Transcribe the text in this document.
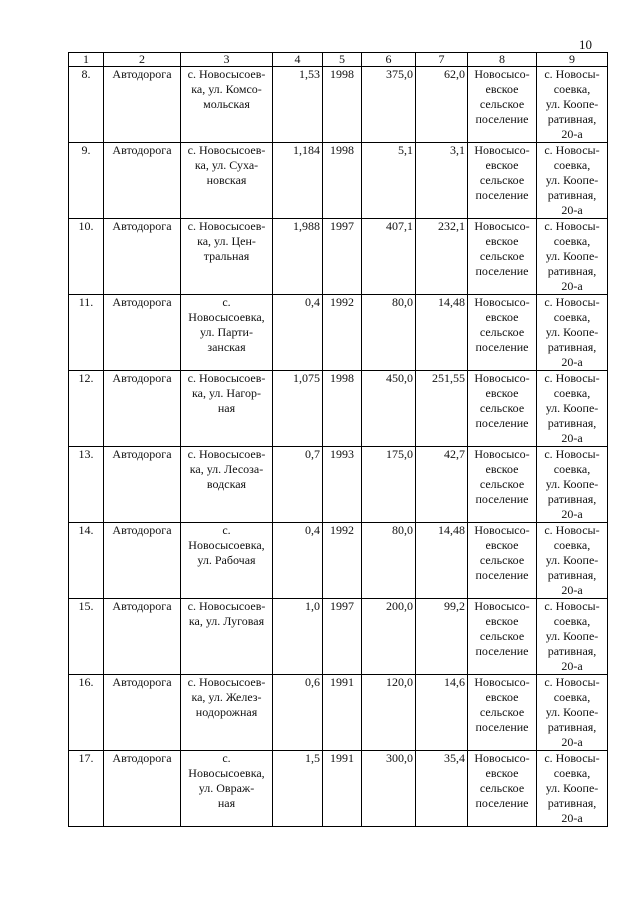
10
1	2	3	4	5	6	7	8	9
8.	Автодорога	с. Новосысоев-
ка, ул. Комсо-
мольская	1,53	1998	375,0	62,0	Новосысо-
евское
сельское
поселение	с. Новосы-
соевка,
ул. Коопе-
ративная,
20-а
9.	Автодорога	с. Новосысоев-
ка, ул. Суха-
новская	1,184	1998	5,1	3,1	Новосысо-
евское
сельское
поселение	с. Новосы-
соевка,
ул. Коопе-
ративная,
20-а
10.	Автодорога	с. Новосысоев-
ка, ул. Цен-
тральная	1,988	1997	407,1	232,1	Новосысо-
евское
сельское
поселение	с. Новосы-
соевка,
ул. Коопе-
ративная,
20-а
11.	Автодорога	с. Новосысоевка, ул. Парти-
занская	0,4	1992	80,0	14,48	Новосысо-
евское
сельское
поселение	с. Новосы-
соевка,
ул. Коопе-
ративная,
20-а
12.	Автодорога	с. Новосысоев-
ка, ул. Нагор-
ная	1,075	1998	450,0	251,55	Новосысо-
евское
сельское
поселение	с. Новосы-
соевка,
ул. Коопе-
ративная,
20-а
13.	Автодорога	с. Новосысоев-
ка, ул. Лесоза-
водская	0,7	1993	175,0	42,7	Новосысо-
евское
сельское
поселение	с. Новосы-
соевка,
ул. Коопе-
ративная,
20-а
14.	Автодорога	с. Новосысоевка, ул. Рабочая	0,4	1992	80,0	14,48	Новосысо-
евское
сельское
поселение	с. Новосы-
соевка,
ул. Коопе-
ративная,
20-а
15.	Автодорога	с. Новосысоев-
ка, ул. Луговая	1,0	1997	200,0	99,2	Новосысо-
евское
сельское
поселение	с. Новосы-
соевка,
ул. Коопе-
ративная,
20-а
16.	Автодорога	с. Новосысоев-
ка, ул. Желез-
нодорожная	0,6	1991	120,0	14,6	Новосысо-
евское
сельское
поселение	с. Новосы-
соевка,
ул. Коопе-
ративная,
20-а
17.	Автодорога	с. Новосысоевка, ул. Овраж-
ная	1,5	1991	300,0	35,4	Новосысо-
евское
сельское
поселение	с. Новосы-
соевка,
ул. Коопе-
ративная,
20-а
